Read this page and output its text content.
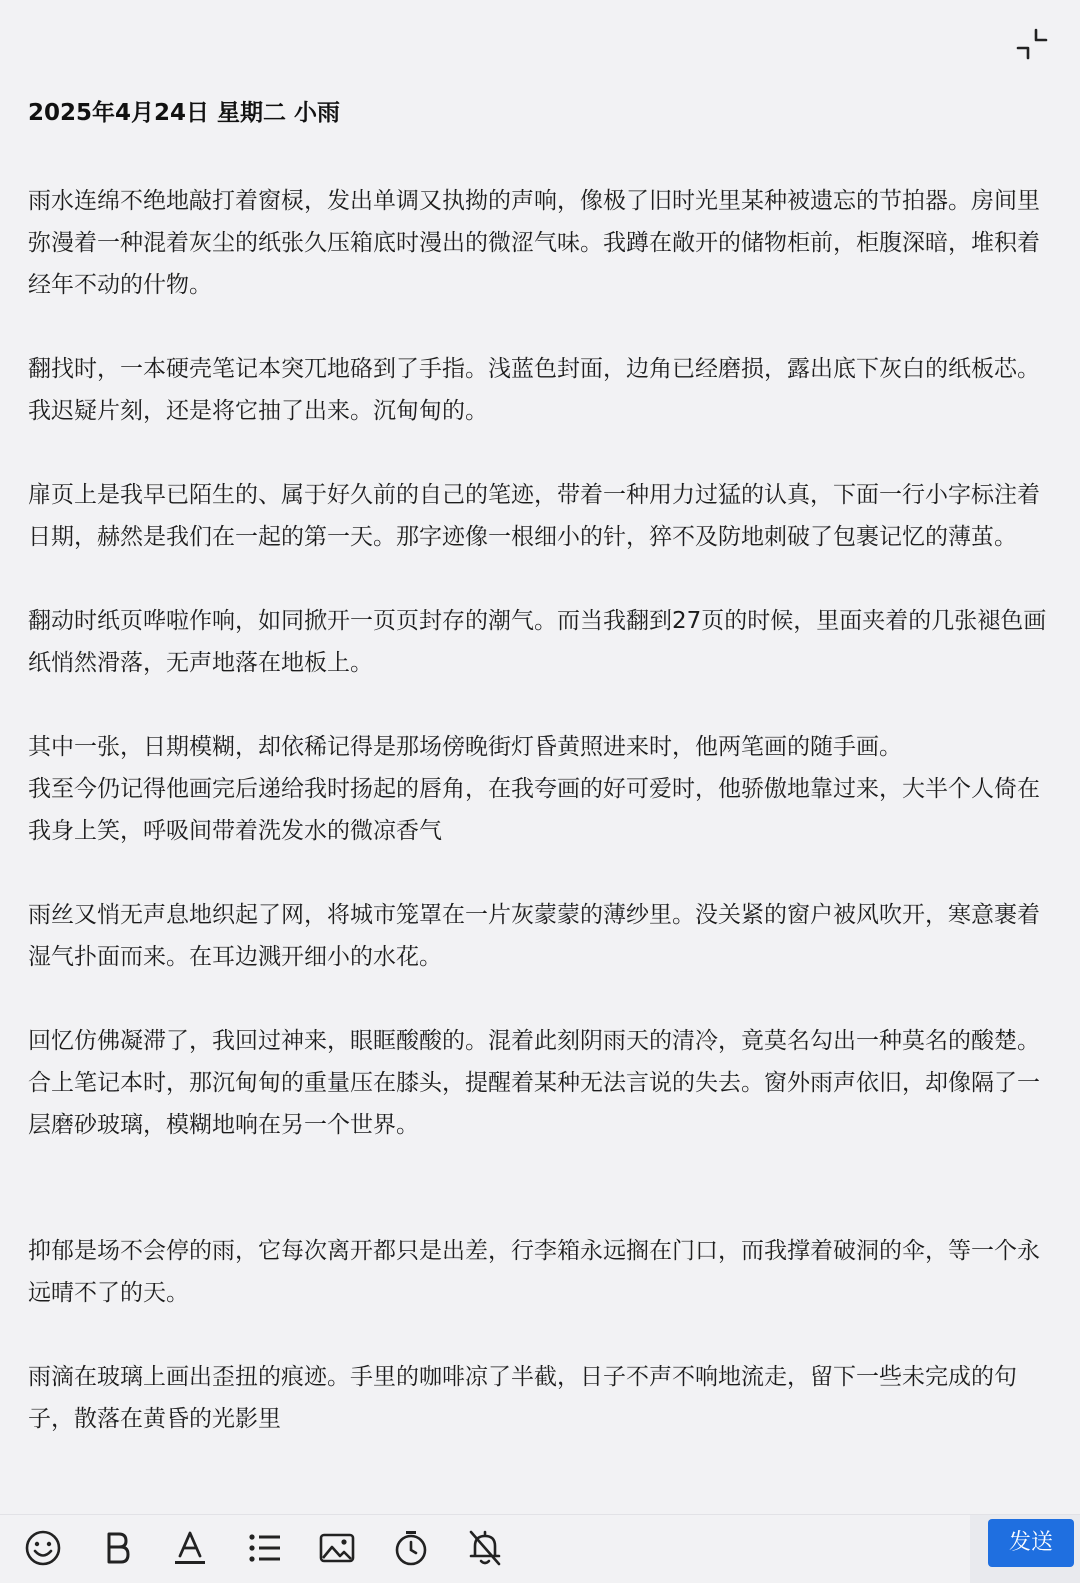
2025年4月24日 星期二 小雨

雨水连绵不绝地敲打着窗棂，发出单调又执拗的声响，像极了旧时光里某种被遗忘的节拍器。房间里弥漫着一种混着灰尘的纸张久压箱底时漫出的微涩气味。我蹲在敞开的储物柜前，柜腹深暗，堆积着经年不动的什物。

翻找时，一本硬壳笔记本突兀地硌到了手指。浅蓝色封面，边角已经磨损，露出底下灰白的纸板芯。我迟疑片刻，还是将它抽了出来。沉甸甸的。

扉页上是我早已陌生的、属于好久前的自己的笔迹，带着一种用力过猛的认真，下面一行小字标注着日期，赫然是我们在一起的第一天。那字迹像一根细小的针，猝不及防地刺破了包裹记忆的薄茧。

翻动时纸页哗啦作响，如同掀开一页页封存的潮气。而当我翻到27页的时候，里面夹着的几张褪色画纸悄然滑落，无声地落在地板上。

其中一张，日期模糊，却依稀记得是那场傍晚街灯昏黄照进来时，他两笔画的随手画。
我至今仍记得他画完后递给我时扬起的唇角，在我夸画的好可爱时，他骄傲地靠过来，大半个人倚在我身上笑，呼吸间带着洗发水的微凉香气

雨丝又悄无声息地织起了网，将城市笼罩在一片灰蒙蒙的薄纱里。没关紧的窗户被风吹开，寒意裹着湿气扑面而来。在耳边溅开细小的水花。

回忆仿佛凝滞了，我回过神来，眼眶酸酸的。混着此刻阴雨天的清冷，竟莫名勾出一种莫名的酸楚。合上笔记本时，那沉甸甸的重量压在膝头，提醒着某种无法言说的失去。窗外雨声依旧，却像隔了一层磨砂玻璃，模糊地响在另一个世界。

抑郁是场不会停的雨，它每次离开都只是出差，行李箱永远搁在门口，而我撑着破洞的伞，等一个永远晴不了的天。

雨滴在玻璃上画出歪扭的痕迹。手里的咖啡凉了半截，日子不声不响地流走，留下一些未完成的句子，散落在黄昏的光影里

发送
